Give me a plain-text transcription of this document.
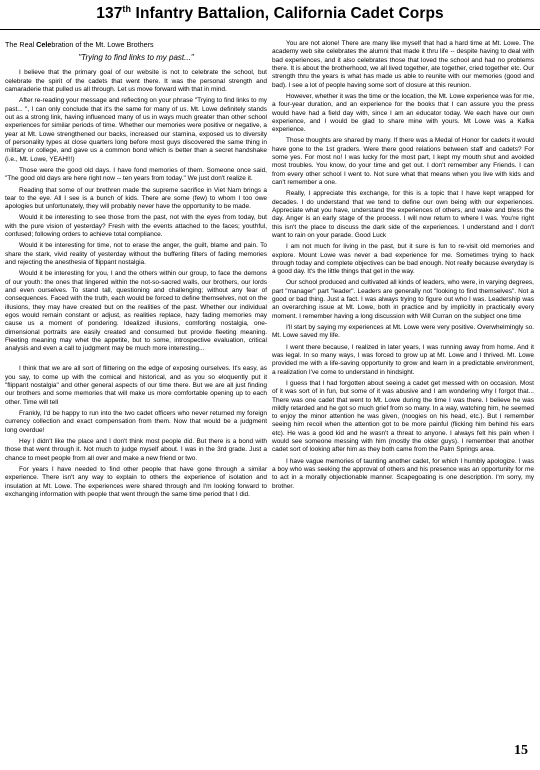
137th Infantry Battalion, California Cadet Corps
The Real Celebration of the Mt. Lowe Brothers
"Trying to find links to my past..."

I believe that the primary goal of our website is not to celebrate the school, but celebrate the spirit of the cadets that went there. It was the personal strength and camaraderie that pulled us all through. Let us move forward with that in mind.

After re-reading your message and reflecting on your phrase "Trying to find links to my past... ", I can only conclude that it's the same for many of us. Mt. Lowe definitely stands out as a strong link, having influenced many of us in ways much greater than other school experiences for similar periods of time. Whether our memories were positive or negative, a year at Mt. Lowe strengthened our backs, increased our stamina, exposed us to diversity of personality types at close quarters long before most guys discovered the same thing in military or college, and gave us a common bond which is better than a secret handshake (i.e., Mt. Lowe, YEAH!!!)

Those were the good old days. I have fond memories of them. Someone once said, "The good old days are here right now -- ten years from today." We just don't realize it.

Reading that some of our brethren made the supreme sacrifice in Viet Nam brings a tear to the eye. All I see is a bunch of kids. There are some (few) to whom I too owe apologies but unfortunately, they will probably never have the opportunity to be made.

Would it be interesting to see those from the past, not with the eyes from today, but with the pure vision of yesterday? Fresh with the events attached to the faces; youthful, confused; following orders to achieve total compliance.

Would it be interesting for time, not to erase the anger, the guilt, blame and pain. To share the stark, vivid reality of yesterday without the buffering filters of fading memories and rejecting the anesthesia of flippant nostalgia.

Would it be interesting for you, I and the others within our group, to face the demons of our youth: the ones that lingered within the not-so-sacred walls, our brothers, our lords and even ourselves. To stand tall, questioning and challenging; without any fear of consequences. Faced with the truth, each would be forced to define themselves, not on the illusions, they may have created but on the realities of the past. Whether our individual egos would remain constant or adjust, as realities replace, hazy fading memories may cause us a moment of pondering. Idealized illusions, comforting nostalgia, one-dimensional portraits are easily created and consumed but provide fleeting meaning. Fleeting meaning may whet the appetite, but to some, introspective evaluation, critical analysis and even a call to judgment may be much more interesting...

I think that we are all sort of flittering on the edge of exposing ourselves. It's easy, as you say, to come up with the comical and historical, and as you so eloquently put it "flippant nostalgia" and other general aspects of our time there. But we are all just finding our brothers and some memories that will make us more comfortable opening up to each other. Time will tell

Frankly, I'd be happy to run into the two cadet officers who never returned my foreign currency collection and exact compensation from them. Now that would be a judgment long overdue!

Hey I didn't like the place and I don't think most people did. But there is a bond with those that went through it. Not much to judge myself about. I was in the 3rd grade. Just a chance to meet people from all over and make a new friend or two.

For years I have needed to find other people that have gone through a similar experience. There isn't any way to explain to others the experience of isolation and insulation at Mt. Lowe. The experiences were shared through and I'm looking forward to exchanging information with people that went through the same time period that I did.

You are not alone! There are many like myself that had a hard time at Mt. Lowe. The academy web site celebrates the alumni that made it thru life -- despite having to deal with bad experiences, and it also celebrates those that loved the school and had no problems there. It is about the brotherhood, we all lived together, ate together, cried together etc. Our strength thru the years is what has made us able to reunite with our memories (good and bad). I see a lot of people having some sort of closure at this reunion.

However, whether it was the time or the location, the Mt. Lowe experience was for me, a four-year duration, and an experience for the books that I can assure you the press would have had a field day with, since I am an educator today. We each have our own experience, and I would be glad to share mine with yours. Mt Lowe was a Kafka experience.

Those thoughts are shared by many. If there was a Medal of Honor for cadets it would have gone to the 1st graders. Were there good relations between staff and cadets? For some yes. For most no! I was lucky for the most part, I kept my mouth shut and avoided most troubles. You know, do your time and get out. I don't remember any Friends. I can from every other school I went to. Not sure what that means when you live with kids and can't remember a one.

Really, I appreciate this exchange, for this is a topic that I have kept wrapped for decades. I do understand that we tend to define our own being with our experiences. Appreciate what you have, understand the experiences of others, and wake and bless the day. Anger is an early stage of the process. I will now return to where I was. You're right this isn't the place to discuss the dark side of the experiences. I understand and I don't want to rain on your parade. Good Luck

I am not much for living in the past, but it sure is fun to re-visit old memories and explore. Mount Lowe was never a bad experience for me. Sometimes trying to hack through today and complete objectives can be bad enough. Not really because everyday is a good day. It's the little things that get in the way.

Our school produced and cultivated all kinds of leaders, who were, in varying degrees, part "manager" part "leader". Leaders are generally not "looking to find themselves". Not a good or bad thing. Just a fact. I was always trying to figure out who I was. Leadership was an overarching issue at Mt. Lowe, both in practice and by implicitly in practically every moment. I remember having a long discussion with Will Curran on the subject one time

I'll start by saying my experiences at Mt. Lowe were very positive. Overwhelmingly so. Mt. Lowe saved my life.

I went there because, I realized in later years, I was running away from home. And it was legal. In so many ways, I was forced to grow up at Mt. Lowe and I thrived. Mt. Lowe provided me with a life-saving opportunity to grow and learn in a predictable environment, a realization I've come to understand in hindsight.

I guess that I had forgotten about seeing a cadet get messed with on occasion. Most of it was sort of in fun, but some of it was abusive and I am wondering why I forgot that... There was one cadet that went to Mt. Lowe during the time I was there. I believe he was mildly retarded and he got so much grief from so many. In a way, watching him, he seemed to enjoy the minor attention he was given, (noogies on his head, etc.). But I remember seeing him recoil when the attention got to be more painful (flicking him behind his ears etc). He was a good kid and he wasn't a threat to anyone. I always felt his pain when I would see someone messing with him (mostly the older guys). I remember that another cadet sort of looking after him as they both came from the Palm Springs area.

I have vague memories of taunting another cadet, for which I humbly apologize. I was a boy who was seeking the approval of others and his presence was an opportunity for me to act in a morally objectionable manner. Scapegoating is one description. I'm sorry, my brother.

15
